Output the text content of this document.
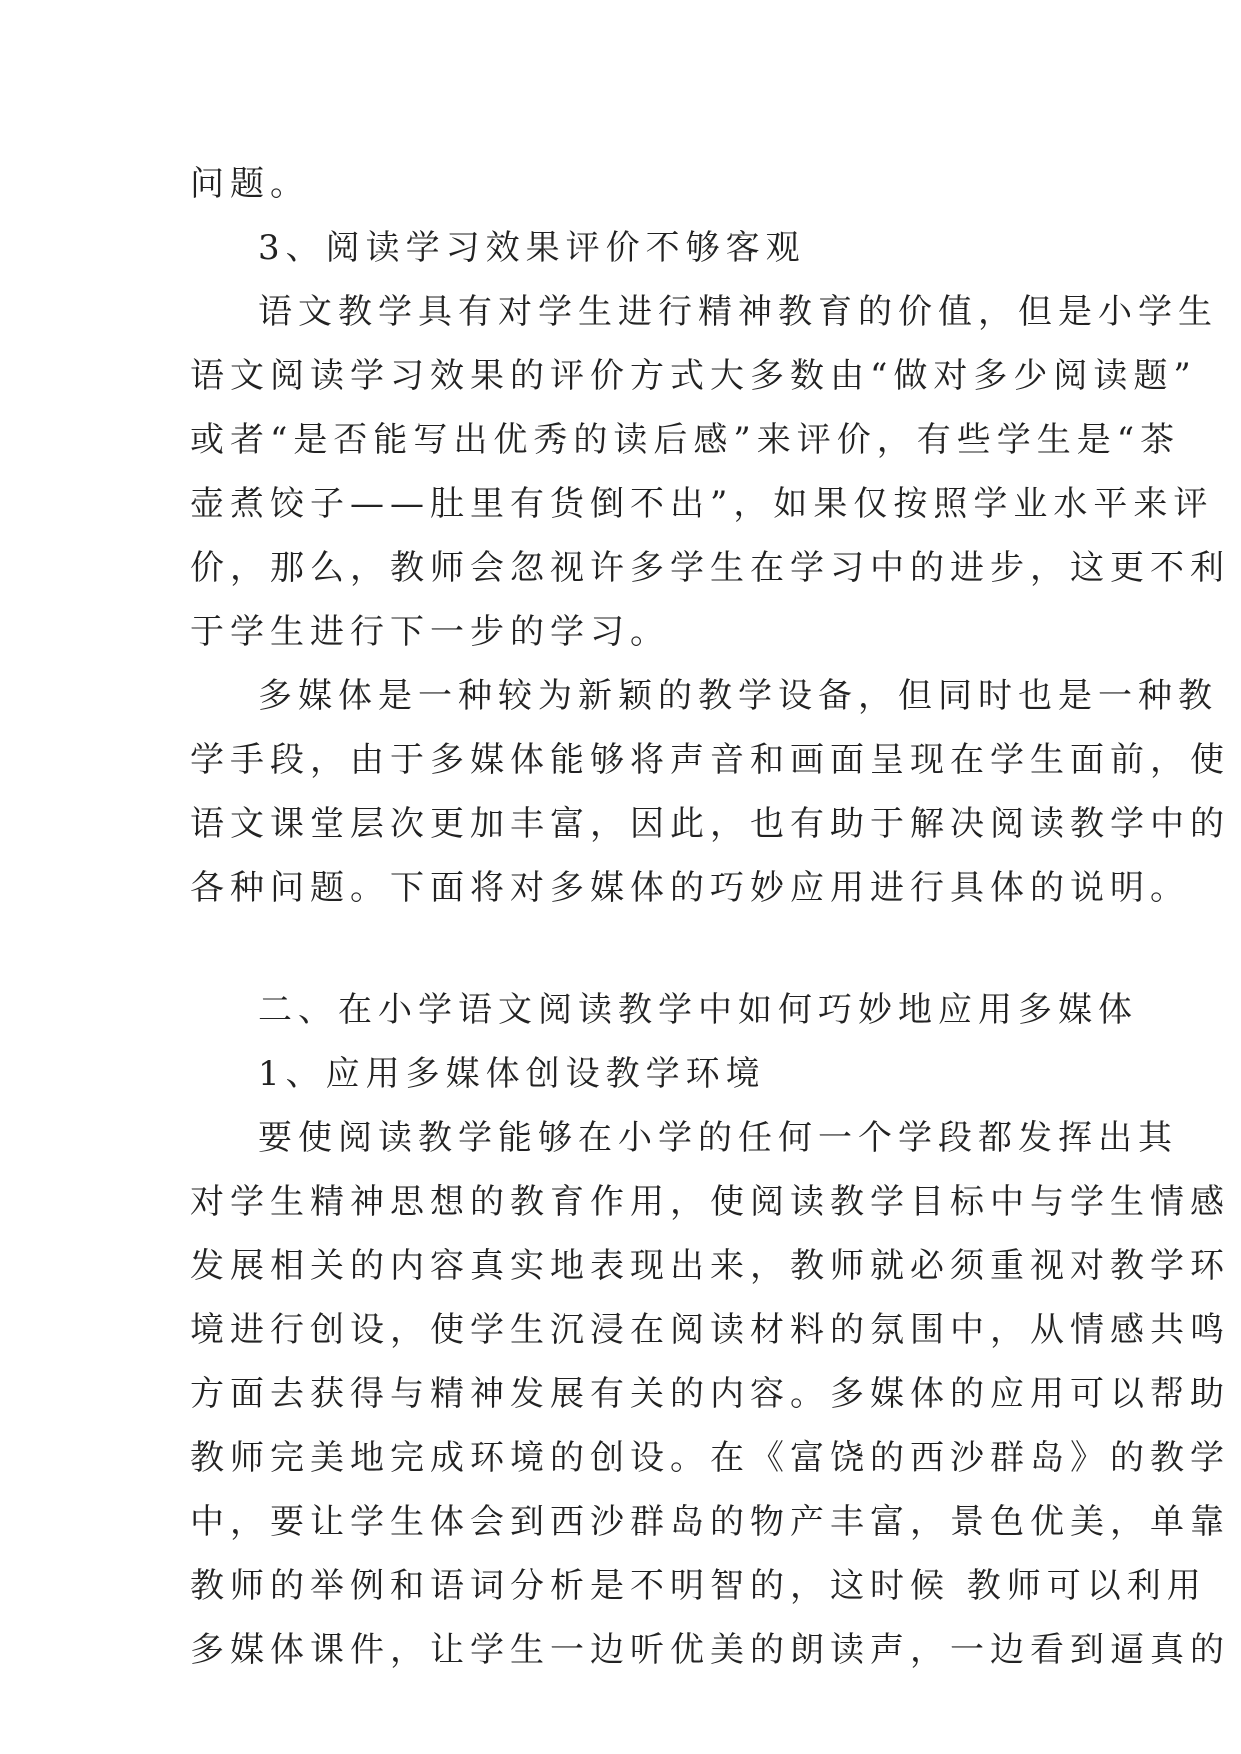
问题。
3、阅读学习效果评价不够客观
语文教学具有对学生进行精神教育的价值，但是小学生
语文阅读学习效果的评价方式大多数由“做对多少阅读题”
或者“是否能写出优秀的读后感”来评价，有些学生是“茶
壶煮饺子——肚里有货倒不出”，如果仅按照学业水平来评
价，那么，教师会忽视许多学生在学习中的进步，这更不利
于学生进行下一步的学习。
多媒体是一种较为新颖的教学设备，但同时也是一种教
学手段，由于多媒体能够将声音和画面呈现在学生面前，使
语文课堂层次更加丰富，因此，也有助于解决阅读教学中的
各种问题。下面将对多媒体的巧妙应用进行具体的说明。
二、在小学语文阅读教学中如何巧妙地应用多媒体
1、应用多媒体创设教学环境
要使阅读教学能够在小学的任何一个学段都发挥出其
对学生精神思想的教育作用，使阅读教学目标中与学生情感
发展相关的内容真实地表现出来，教师就必须重视对教学环
境进行创设，使学生沉浸在阅读材料的氛围中，从情感共鸣
方面去获得与精神发展有关的内容。多媒体的应用可以帮助
教师完美地完成环境的创设。在《富饶的西沙群岛》的教学
中，要让学生体会到西沙群岛的物产丰富，景色优美，单靠
教师的举例和语词分析是不明智的，这时候 教师可以利用
多媒体课件，让学生一边听优美的朗读声，一边看到逼真的
